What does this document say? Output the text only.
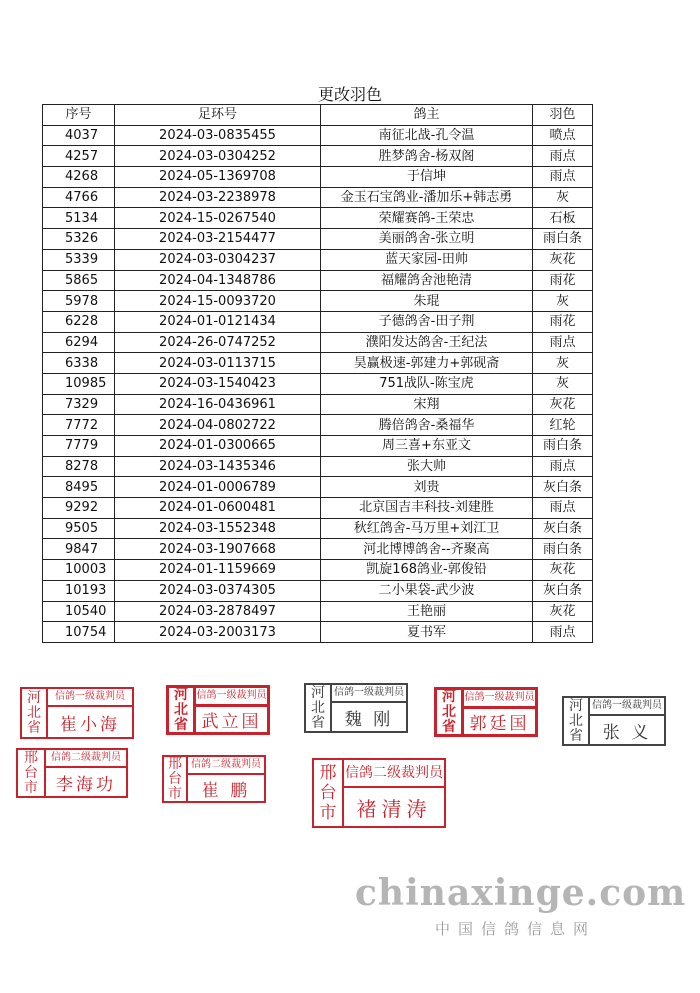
更改羽色
序号	足环号	鸽主	羽色
4037	2024-03-0835455	南征北战-孔令温	喷点
4257	2024-03-0304252	胜梦鸽舍-杨双阁	雨点
4268	2024-05-1369708	于信坤	雨点
4766	2024-03-2238978	金玉石宝鸽业-潘加乐+韩志勇	灰
5134	2024-15-0267540	荣耀赛鸽-王荣忠	石板
5326	2024-03-2154477	美丽鸽舍-张立明	雨白条
5339	2024-03-0304237	蓝天家园-田帅	灰花
5865	2024-04-1348786	福耀鸽舍池艳清	雨花
5978	2024-15-0093720	朱琨	灰
6228	2024-01-0121434	子德鸽舍-田子荆	雨花
6294	2024-26-0747252	濮阳发达鸽舍-王纪法	雨点
6338	2024-03-0113715	昊赢极速-郭建力+郭砚斋	灰
10985	2024-03-1540423	751战队-陈宝虎	灰
7329	2024-16-0436961	宋翔	灰花
7772	2024-04-0802722	腾倍鸽舍-桑福华	红轮
7779	2024-01-0300665	周三喜+东亚文	雨白条
8278	2024-03-1435346	张大帅	雨点
8495	2024-01-0006789	刘贵	灰白条
9292	2024-01-0600481	北京国吉丰科技-刘建胜	雨点
9505	2024-03-1552348	秋红鸽舍-马万里+刘江卫	灰白条
9847	2024-03-1907668	河北博博鸽舍--齐聚高	雨白条
10003	2024-01-1159669	凯旋168鸽业-郭俊铅	灰花
10193	2024-03-0374305	二小果袋-武少波	灰白条
10540	2024-03-2878497	王艳丽	灰花
10754	2024-03-2003173	夏书军	雨点
河
北
省
信鸽一级裁判员
崔小海
河
北
省
信鸽一级裁判员
武立国
河
北
省
信鸽一级裁判员
魏 刚
河
北
省
信鸽一级裁判员
郭廷国
河
北
省
信鸽一级裁判员
张 义
邢
台
市
信鸽二级裁判员
李海功
邢
台
市
信鸽二级裁判员
崔 鹏
邢
台
市
信鸽二级裁判员
褚清涛
chinaxinge.com
中国信鸽信息网
